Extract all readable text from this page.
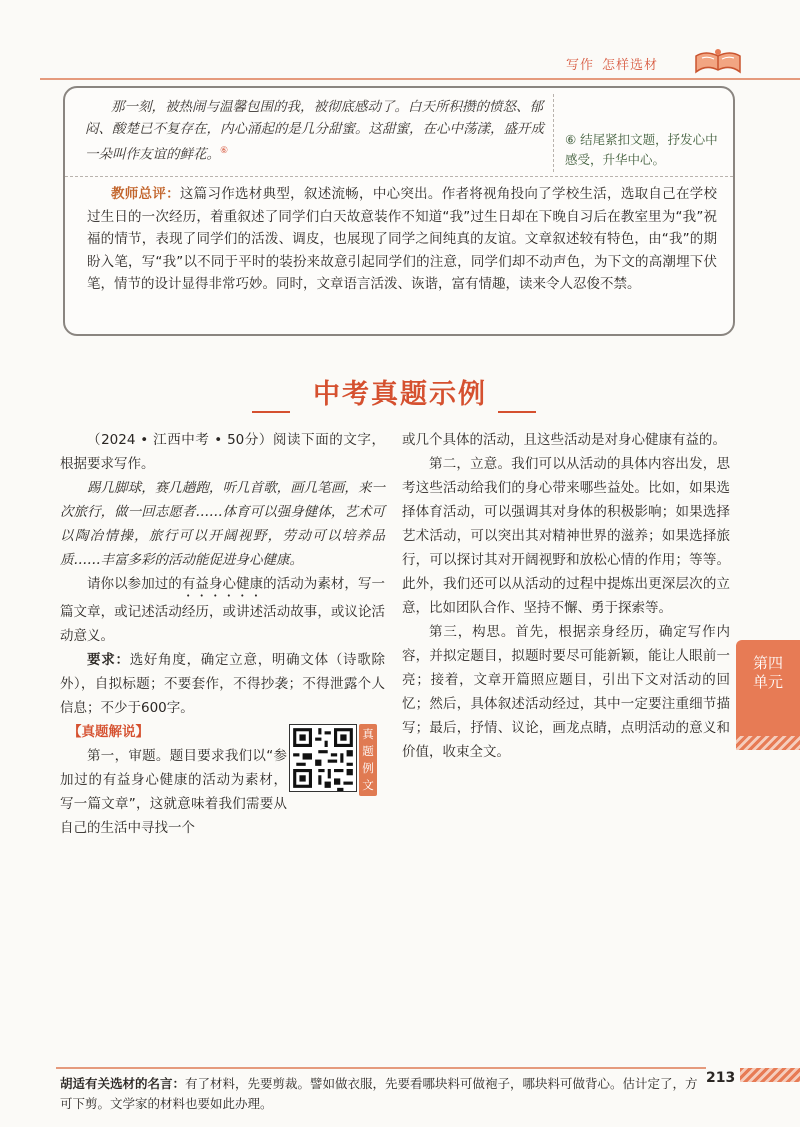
写作 怎样选材

那一刻，被热闹与温馨包围的我，被彻底感动了。白天所积攒的愤怒、郁闷、酸楚已不复存在，内心涌起的是几分甜蜜。这甜蜜，在心中荡漾，盛开成一朵叫作友谊的鲜花。⑥

⑥ 结尾紧扣文题，抒发心中感受，升华中心。

教师总评：这篇习作选材典型，叙述流畅，中心突出。作者将视角投向了学校生活，选取自己在学校过生日的一次经历，着重叙述了同学们白天故意装作不知道“我”过生日却在下晚自习后在教室里为“我”祝福的情节，表现了同学们的活泼、调皮，也展现了同学之间纯真的友谊。文章叙述较有特色，由“我”的期盼入笔，写“我”以不同于平时的装扮来故意引起同学们的注意，同学们却不动声色，为下文的高潮埋下伏笔，情节的设计显得非常巧妙。同时，文章语言活泼、诙谐，富有情趣，读来令人忍俊不禁。

中考真题示例

（2024 • 江西中考 • 50分）阅读下面的文字，根据要求写作。

踢几脚球，赛几趟跑，听几首歌，画几笔画，来一次旅行，做一回志愿者……体育可以强身健体，艺术可以陶冶情操，旅行可以开阔视野，劳动可以培养品质……丰富多彩的活动能促进身心健康。

请你以参加过的有益身心健康的活动为素材，写一篇文章，或记述活动经历，或讲述活动故事，或议论活动意义。

要求：选好角度，确定立意，明确文体（诗歌除外），自拟标题；不要套作，不得抄袭；不得泄露个人信息；不少于600字。

【真题解说】

第一，审题。题目要求我们以“参加过的有益身心健康的活动为素材，写一篇文章”，这就意味着我们需要从自己的生活中寻找一个

真题例文

或几个具体的活动，且这些活动是对身心健康有益的。

第二，立意。我们可以从活动的具体内容出发，思考这些活动给我们的身心带来哪些益处。比如，如果选择体育活动，可以强调其对身体的积极影响；如果选择艺术活动，可以突出其对精神世界的滋养；如果选择旅行，可以探讨其对开阔视野和放松心情的作用；等等。此外，我们还可以从活动的过程中提炼出更深层次的立意，比如团队合作、坚持不懈、勇于探索等。

第三，构思。首先，根据亲身经历，确定写作内容，并拟定题目，拟题时要尽可能新颖，能让人眼前一亮；接着，文章开篇照应题目，引出下文对活动的回忆；然后，具体叙述活动经过，其中一定要注重细节描写；最后，抒情、议论，画龙点睛，点明活动的意义和价值，收束全文。

第四单元

胡适有关选材的名言：有了材料，先要剪裁。譬如做衣服，先要看哪块料可做袍子，哪块料可做背心。估计定了，方可下剪。文学家的材料也要如此办理。

213
